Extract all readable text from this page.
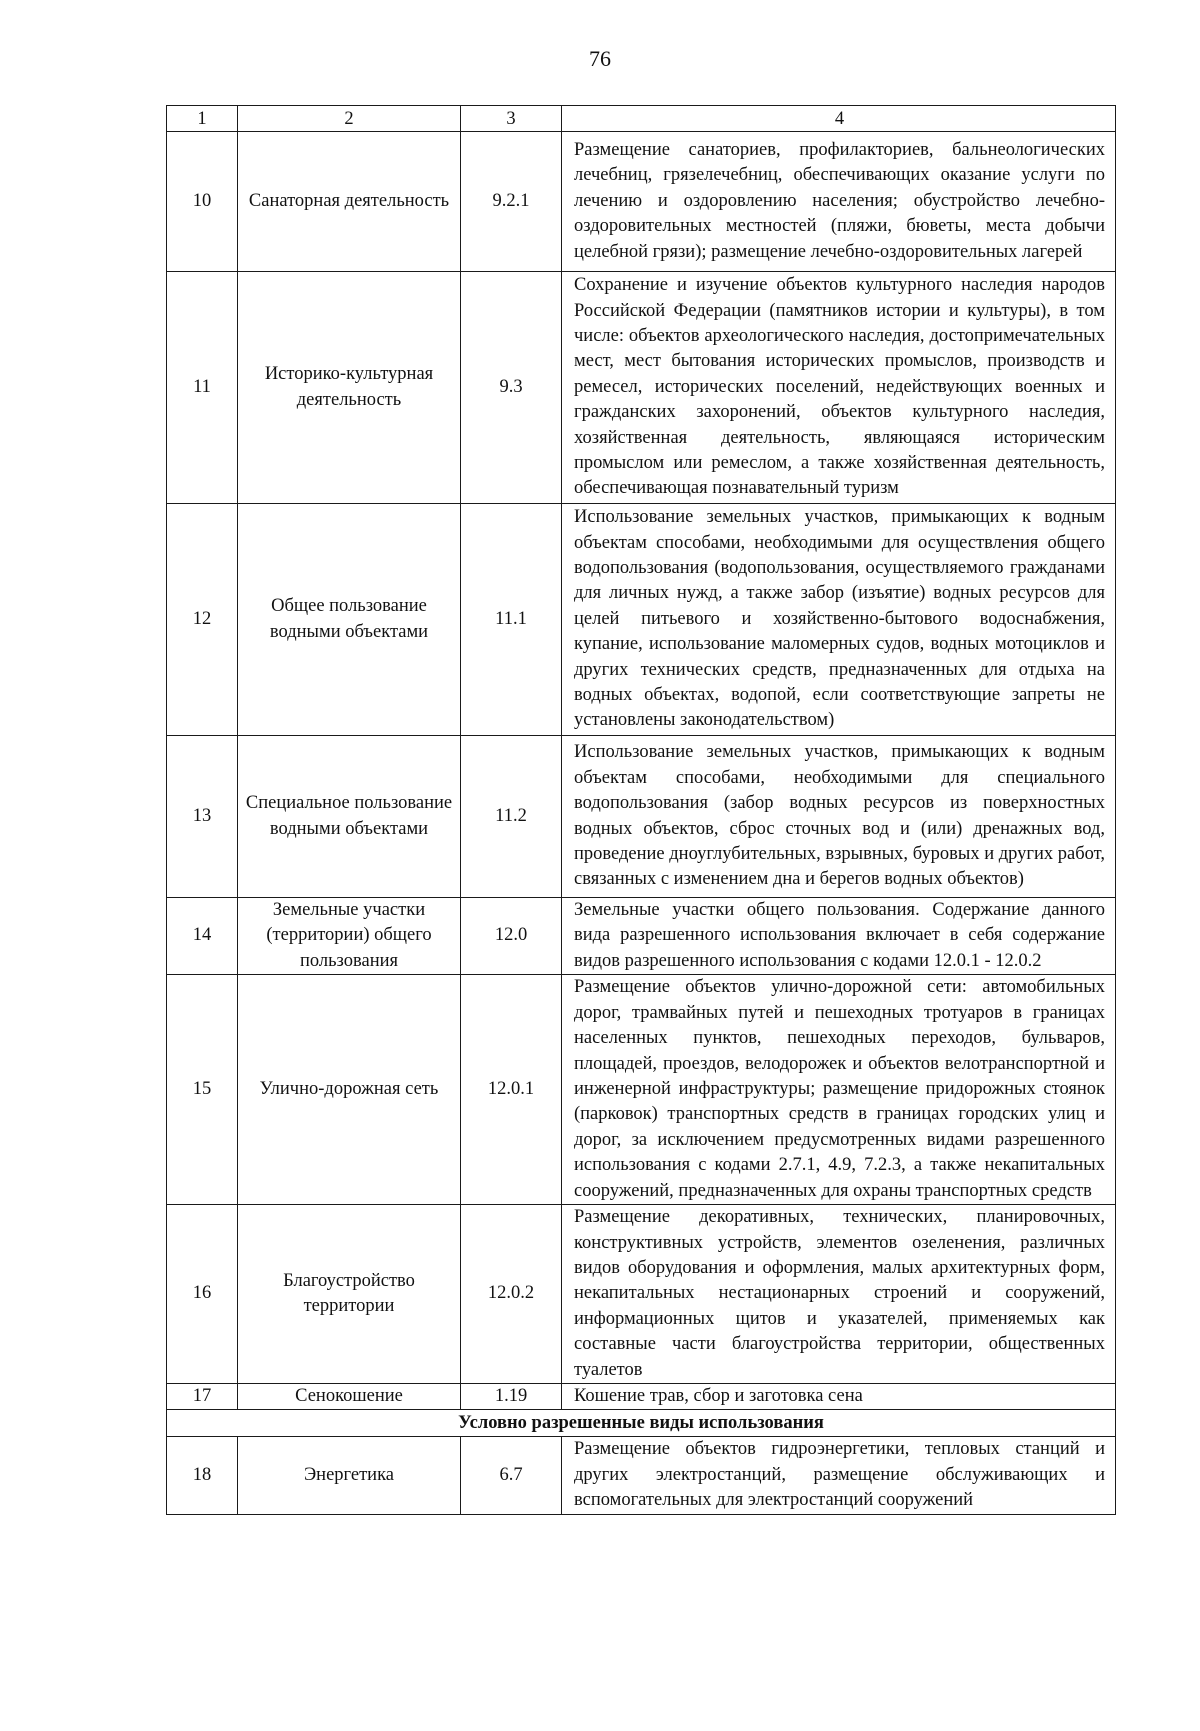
76
1	2	3	4
10	Санаторная деятельность	9.2.1	Размещение санаториев, профилакториев, бальнеологических лечебниц, грязелечебниц, обеспечивающих оказание услуги по лечению и оздоровлению населения; обустройство лечебно-оздоровительных местностей (пляжи, бюветы, места добычи целебной грязи); размещение лечебно-оздоровительных лагерей
11	Историко-культурная деятельность	9.3	Сохранение и изучение объектов культурного наследия народов Российской Федерации (памятников истории и культуры), в том числе: объектов археологического наследия, достопримечательных мест, мест бытования исторических промыслов, производств и ремесел, исторических поселений, недействующих военных и гражданских захоронений, объектов культурного наследия, хозяйственная деятельность, являющаяся историческим промыслом или ремеслом, а также хозяйственная деятельность, обеспечивающая познавательный туризм
12	Общее пользование водными объектами	11.1	Использование земельных участков, примыкающих к водным объектам способами, необходимыми для осуществления общего водопользования (водопользования, осуществляемого гражданами для личных нужд, а также забор (изъятие) водных ресурсов для целей питьевого и хозяйственно-бытового водоснабжения, купание, использование маломерных судов, водных мотоциклов и других технических средств, предназначенных для отдыха на водных объектах, водопой, если соответствующие запреты не установлены законодательством)
13	Специальное пользование водными объектами	11.2	Использование земельных участков, примыкающих к водным объектам способами, необходимыми для специального водопользования (забор водных ресурсов из поверхностных водных объектов, сброс сточных вод и (или) дренажных вод, проведение дноуглубительных, взрывных, буровых и других работ, связанных с изменением дна и берегов водных объектов)
14	Земельные участки (территории) общего пользования	12.0	Земельные участки общего пользования. Содержание данного вида разрешенного использования включает в себя содержание видов разрешенного использования с кодами 12.0.1 - 12.0.2
15	Улично-дорожная сеть	12.0.1	Размещение объектов улично-дорожной сети: автомобильных дорог, трамвайных путей и пешеходных тротуаров в границах населенных пунктов, пешеходных переходов, бульваров, площадей, проездов, велодорожек и объектов велотранспортной и инженерной инфраструктуры; размещение придорожных стоянок (парковок) транспортных средств в границах городских улиц и дорог, за исключением предусмотренных видами разрешенного использования с кодами 2.7.1, 4.9, 7.2.3, а также некапитальных сооружений, предназначенных для охраны транспортных средств
16	Благоустройство территории	12.0.2	Размещение декоративных, технических, планировочных, конструктивных устройств, элементов озеленения, различных видов оборудования и оформления, малых архитектурных форм, некапитальных нестационарных строений и сооружений, информационных щитов и указателей, применяемых как составные части благоустройства территории, общественных туалетов
17	Сенокошение	1.19	Кошение трав, сбор и заготовка сена
Условно разрешенные виды использования			
18	Энергетика	6.7	Размещение объектов гидроэнергетики, тепловых станций и других электростанций, размещение обслуживающих и вспомогательных для электростанций сооружений
